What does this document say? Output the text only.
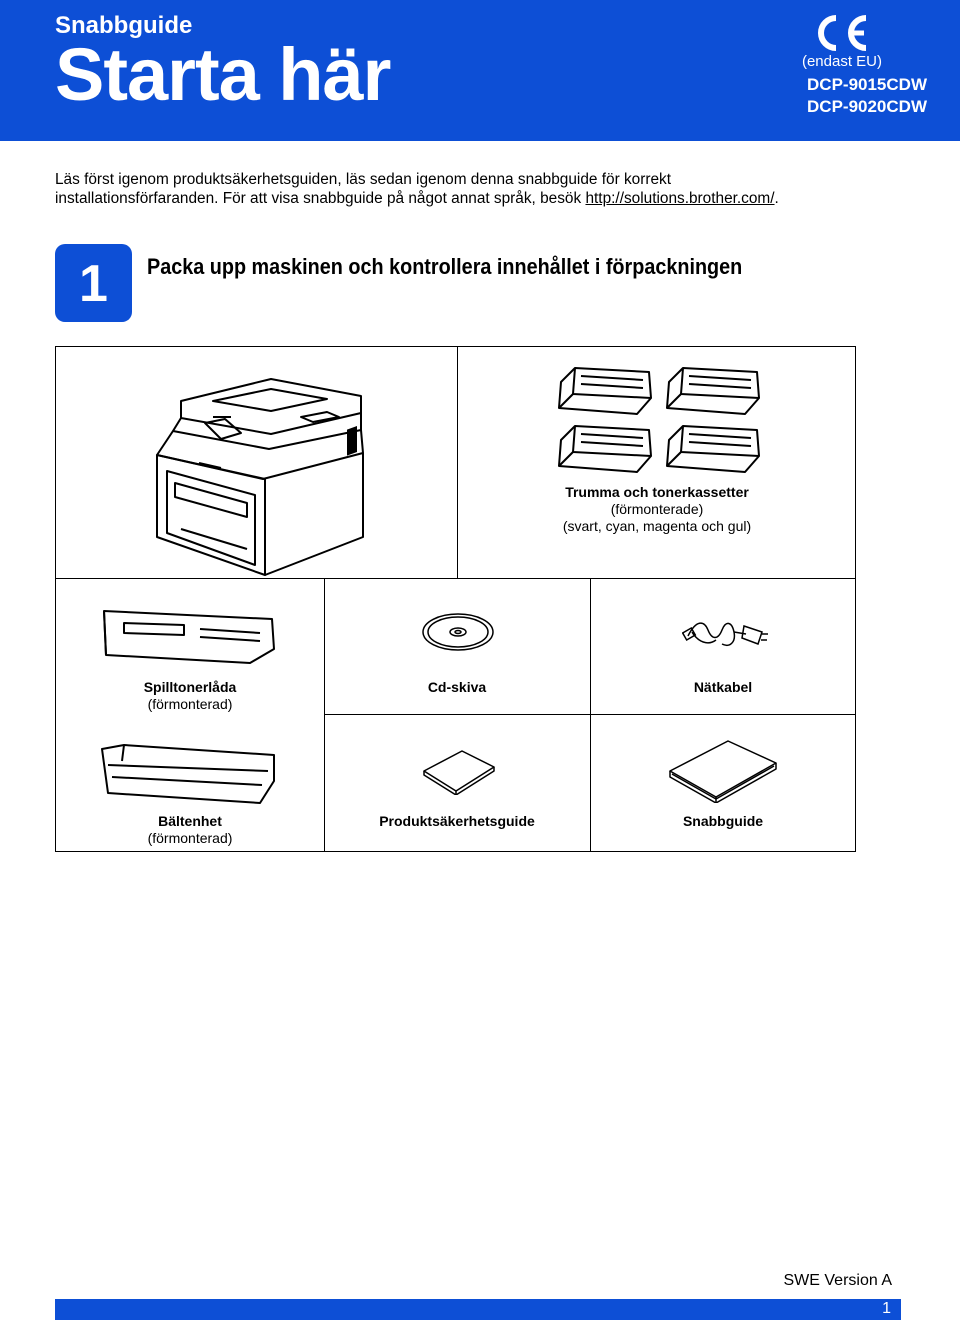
Snabbguide
Starta här	(endast EU)
DCP-9015CDW
DCP-9020CDW
Läs först igenom produktsäkerhetsguiden, läs sedan igenom denna snabbguide för korrekt
installationsförfaranden. För att visa snabbguide på något annat språk, besök http://solutions.brother.com/.
1	Packa upp maskinen och kontrollera innehållet i förpackningen
Trumma och tonerkassetter
(förmonterade)
(svart, cyan, magenta och gul)
Spilltonerlåda
(förmonterad)
Cd-skiva	Nätkabel
Bältenhet
(förmonterad)
Produktsäkerhetsguide	Snabbguide
SWE Version A
1
